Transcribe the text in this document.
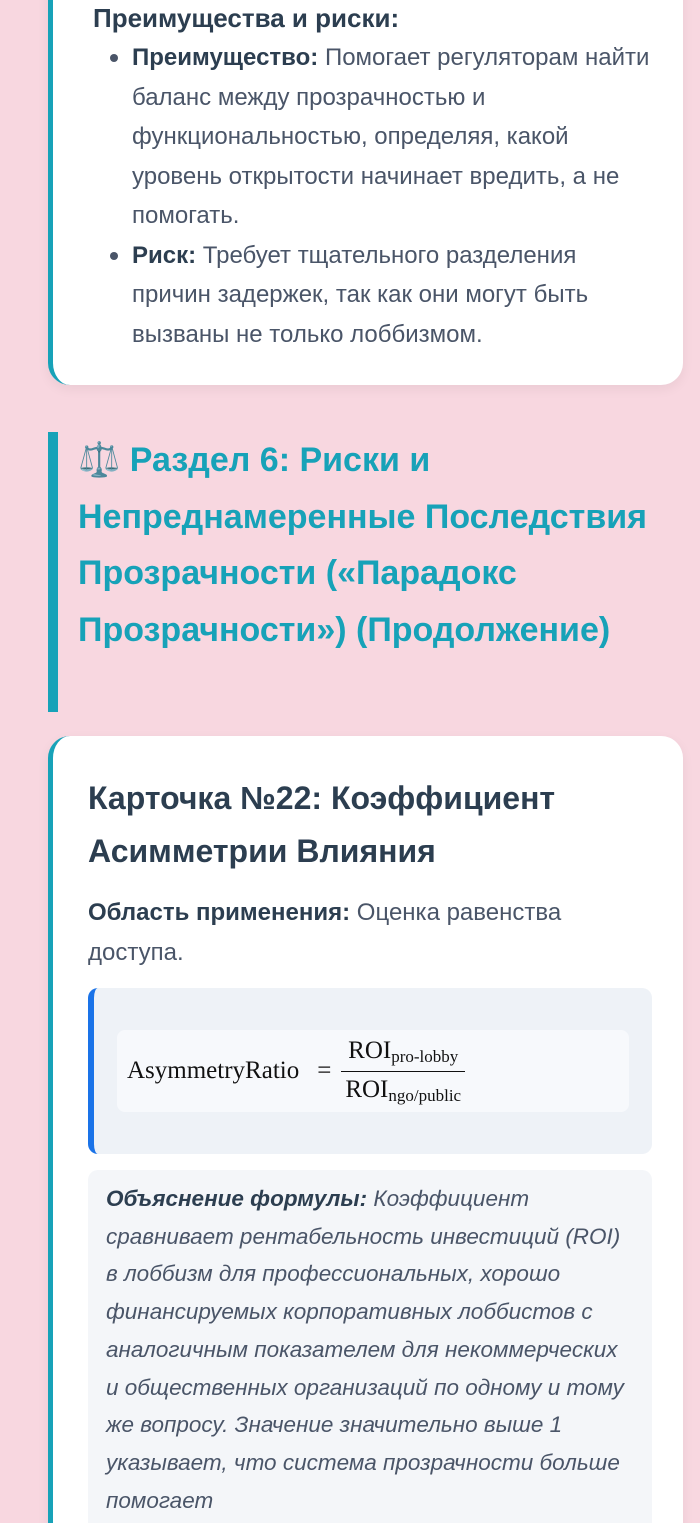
Преимущества и риски:
Преимущество: Помогает регуляторам найти баланс между прозрачностью и функциональностью, определяя, какой уровень открытости начинает вредить, а не помогать.
Риск: Требует тщательного разделения причин задержек, так как они могут быть вызваны не только лоббизмом.
⚖️ Раздел 6: Риски и Непреднамеренные Последствия Прозрачности («Парадокс Прозрачности») (Продолжение)
Карточка №22: Коэффициент Асимметрии Влияния
Область применения: Оценка равенства доступа.
AsymmetryRatio = $\frac{ROI_{pro-lobby}}{ROI_{ngo/public}}$

Объяснение формулы: Коэффициент сравнивает рентабельность инвестиций (ROI) в лоббизм для профессиональных, хорошо финансируемых корпоративных лоббистов с аналогичным показателем для некоммерческих и общественных организаций по одному и тому же вопросу. Значение значительно выше 1 указывает, что система прозрачности больше помогает
